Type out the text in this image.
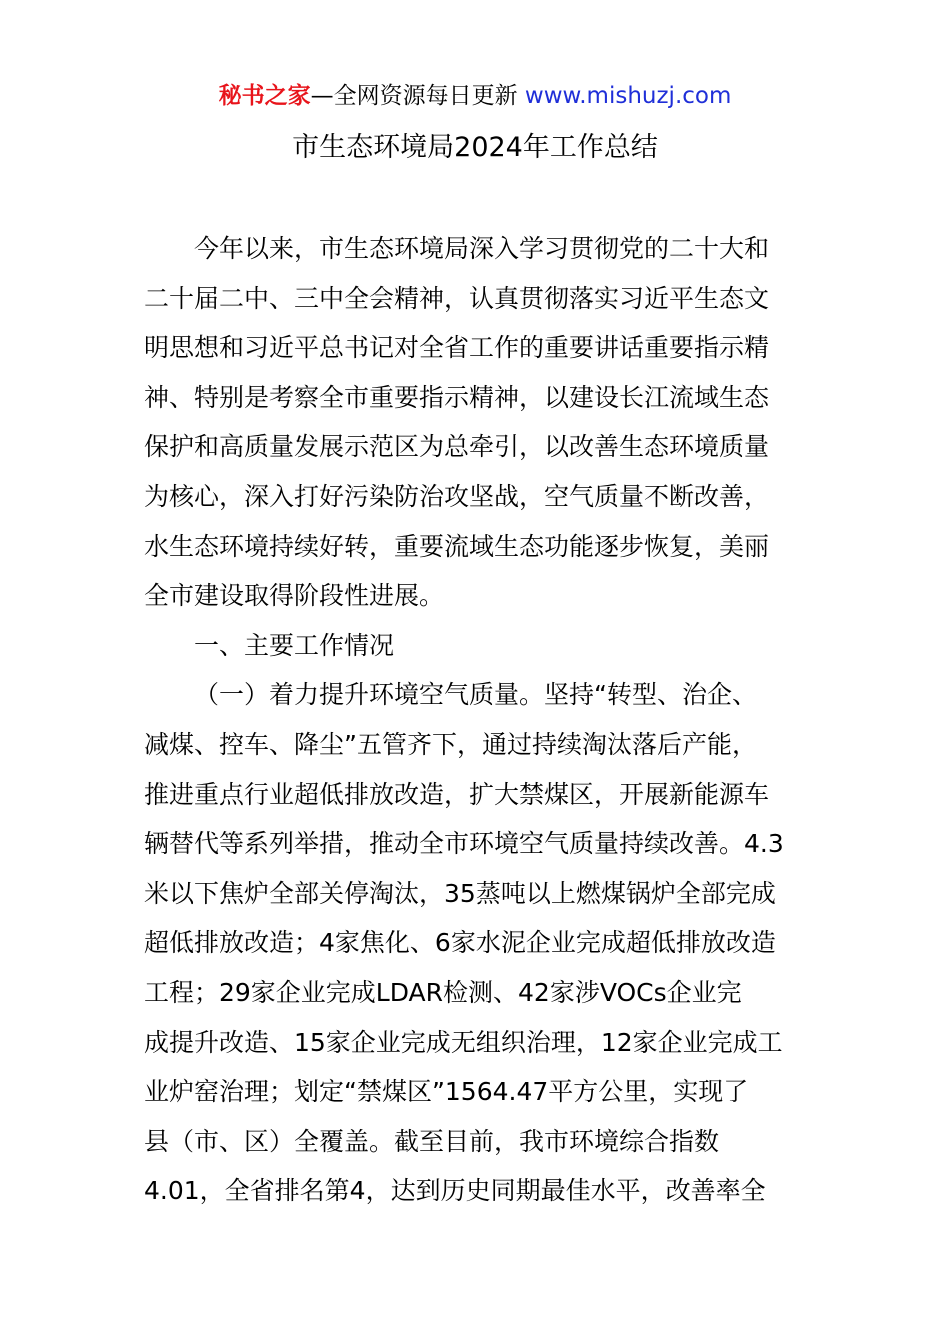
秘书之家—全网资源每日更新 www.mishuzj.com
市生态环境局2024年工作总结
今年以来，市生态环境局深入学习贯彻党的二十大和
二十届二中、三中全会精神，认真贯彻落实习近平生态文
明思想和习近平总书记对全省工作的重要讲话重要指示精
神、特别是考察全市重要指示精神，以建设长江流域生态
保护和高质量发展示范区为总牵引，以改善生态环境质量
为核心，深入打好污染防治攻坚战，空气质量不断改善，
水生态环境持续好转，重要流域生态功能逐步恢复，美丽
全市建设取得阶段性进展。
一、主要工作情况
（一）着力提升环境空气质量。坚持“转型、治企、
减煤、控车、降尘”五管齐下，通过持续淘汰落后产能，
推进重点行业超低排放改造，扩大禁煤区，开展新能源车
辆替代等系列举措，推动全市环境空气质量持续改善。4.3
米以下焦炉全部关停淘汰，35蒸吨以上燃煤锅炉全部完成
超低排放改造；4家焦化、6家水泥企业完成超低排放改造
工程；29家企业完成LDAR检测、42家涉VOCs企业完
成提升改造、15家企业完成无组织治理，12家企业完成工
业炉窑治理；划定“禁煤区”1564.47平方公里，实现了
县（市、区）全覆盖。截至目前，我市环境综合指数
4.01，全省排名第4，达到历史同期最佳水平，改善率全
